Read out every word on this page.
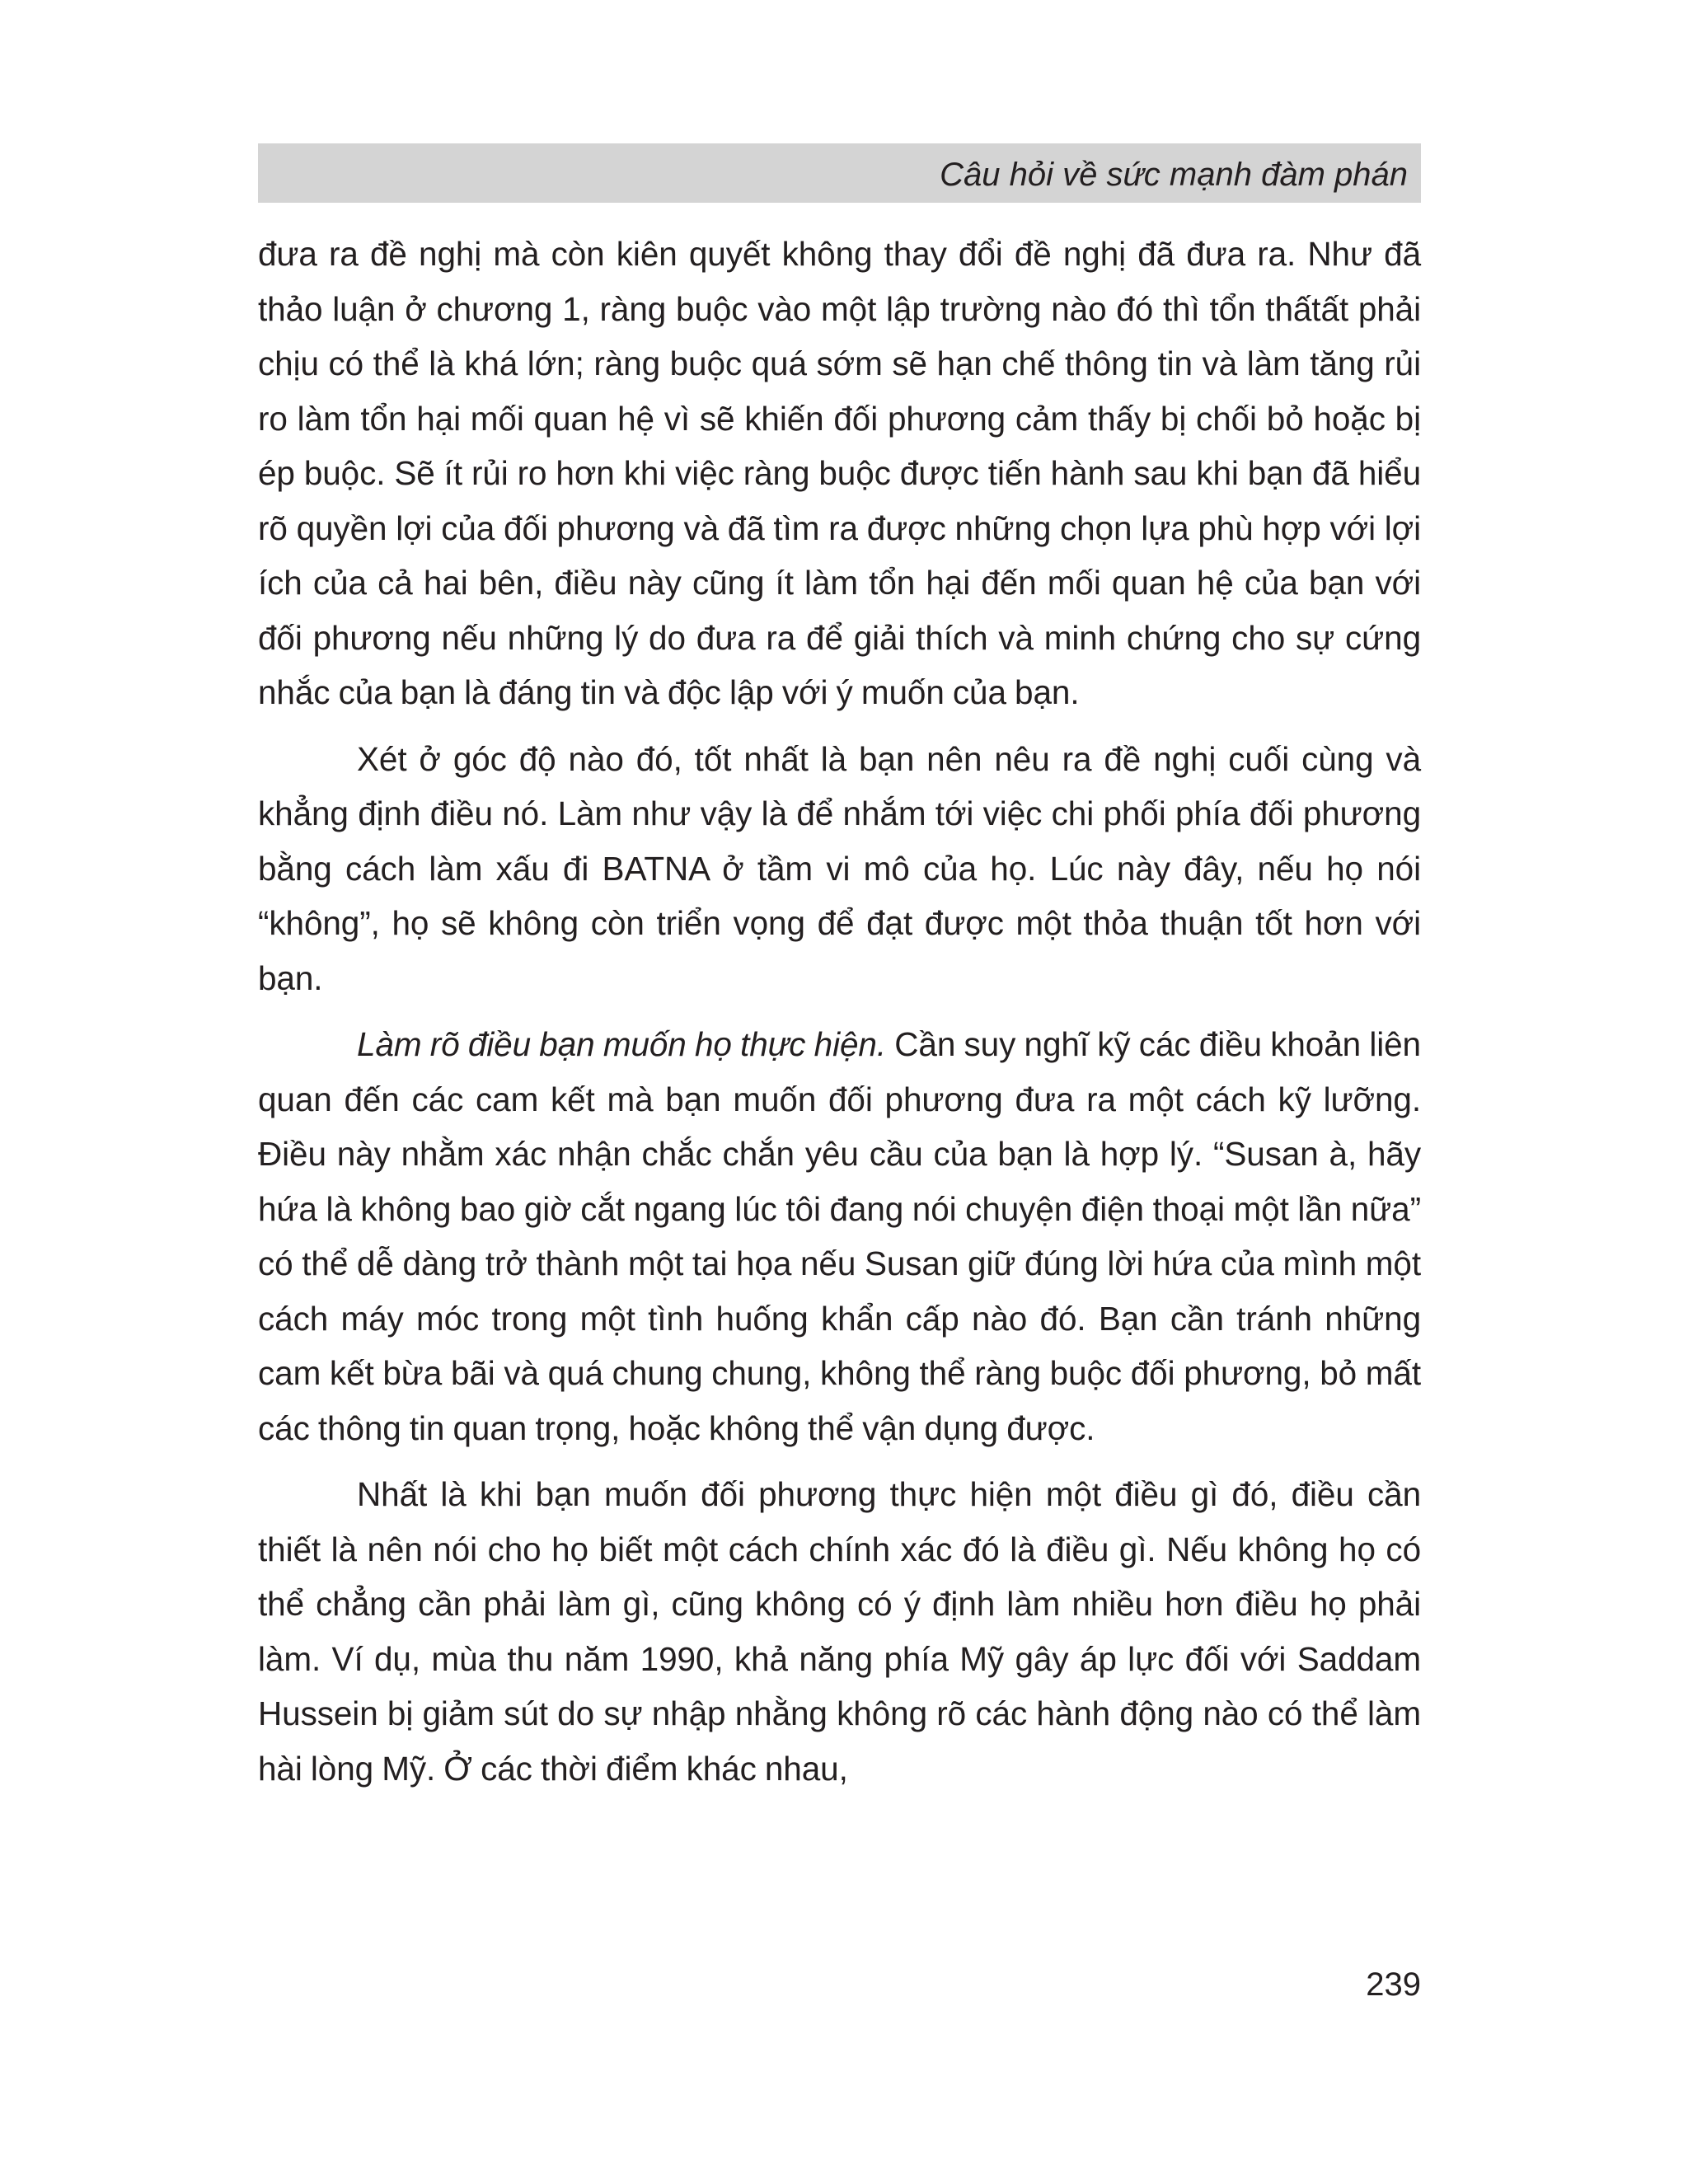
Câu hỏi về sức mạnh đàm phán

đưa ra đề nghị mà còn kiên quyết không thay đổi đề nghị đã đưa ra. Như đã thảo luận ở chương 1, ràng buộc vào một lập trường nào đó thì tổn thấtất phải chịu có thể là khá lớn; ràng buộc quá sớm sẽ hạn chế thông tin và làm tăng rủi ro làm tổn hại mối quan hệ vì sẽ khiến đối phương cảm thấy bị chối bỏ hoặc bị ép buộc. Sẽ ít rủi ro hơn khi việc ràng buộc được tiến hành sau khi bạn đã hiểu rõ quyền lợi của đối phương và đã tìm ra được những chọn lựa phù hợp với lợi ích của cả hai bên, điều này cũng ít làm tổn hại đến mối quan hệ của bạn với đối phương nếu những lý do đưa ra để giải thích và minh chứng cho sự cứng nhắc của bạn là đáng tin và độc lập với ý muốn của bạn.

Xét ở góc độ nào đó, tốt nhất là bạn nên nêu ra đề nghị cuối cùng và khẳng định điều nó. Làm như vậy là để nhắm tới việc chi phối phía đối phương bằng cách làm xấu đi BATNA ở tầm vi mô của họ. Lúc này đây, nếu họ nói “không”, họ sẽ không còn triển vọng để đạt được một thỏa thuận tốt hơn với bạn.

Làm rõ điều bạn muốn họ thực hiện. Cần suy nghĩ kỹ các điều khoản liên quan đến các cam kết mà bạn muốn đối phương đưa ra một cách kỹ lưỡng. Điều này nhằm xác nhận chắc chắn yêu cầu của bạn là hợp lý. “Susan à, hãy hứa là không bao giờ cắt ngang lúc tôi đang nói chuyện điện thoại một lần nữa” có thể dễ dàng trở thành một tai họa nếu Susan giữ đúng lời hứa của mình một cách máy móc trong một tình huống khẩn cấp nào đó. Bạn cần tránh những cam kết bừa bãi và quá chung chung, không thể ràng buộc đối phương, bỏ mất các thông tin quan trọng, hoặc không thể vận dụng được.

Nhất là khi bạn muốn đối phương thực hiện một điều gì đó, điều cần thiết là nên nói cho họ biết một cách chính xác đó là điều gì. Nếu không họ có thể chẳng cần phải làm gì, cũng không có ý định làm nhiều hơn điều họ phải làm. Ví dụ, mùa thu năm 1990, khả năng phía Mỹ gây áp lực đối với Saddam Hussein bị giảm sút do sự nhập nhằng không rõ các hành động nào có thể làm hài lòng Mỹ. Ở các thời điểm khác nhau,

239
